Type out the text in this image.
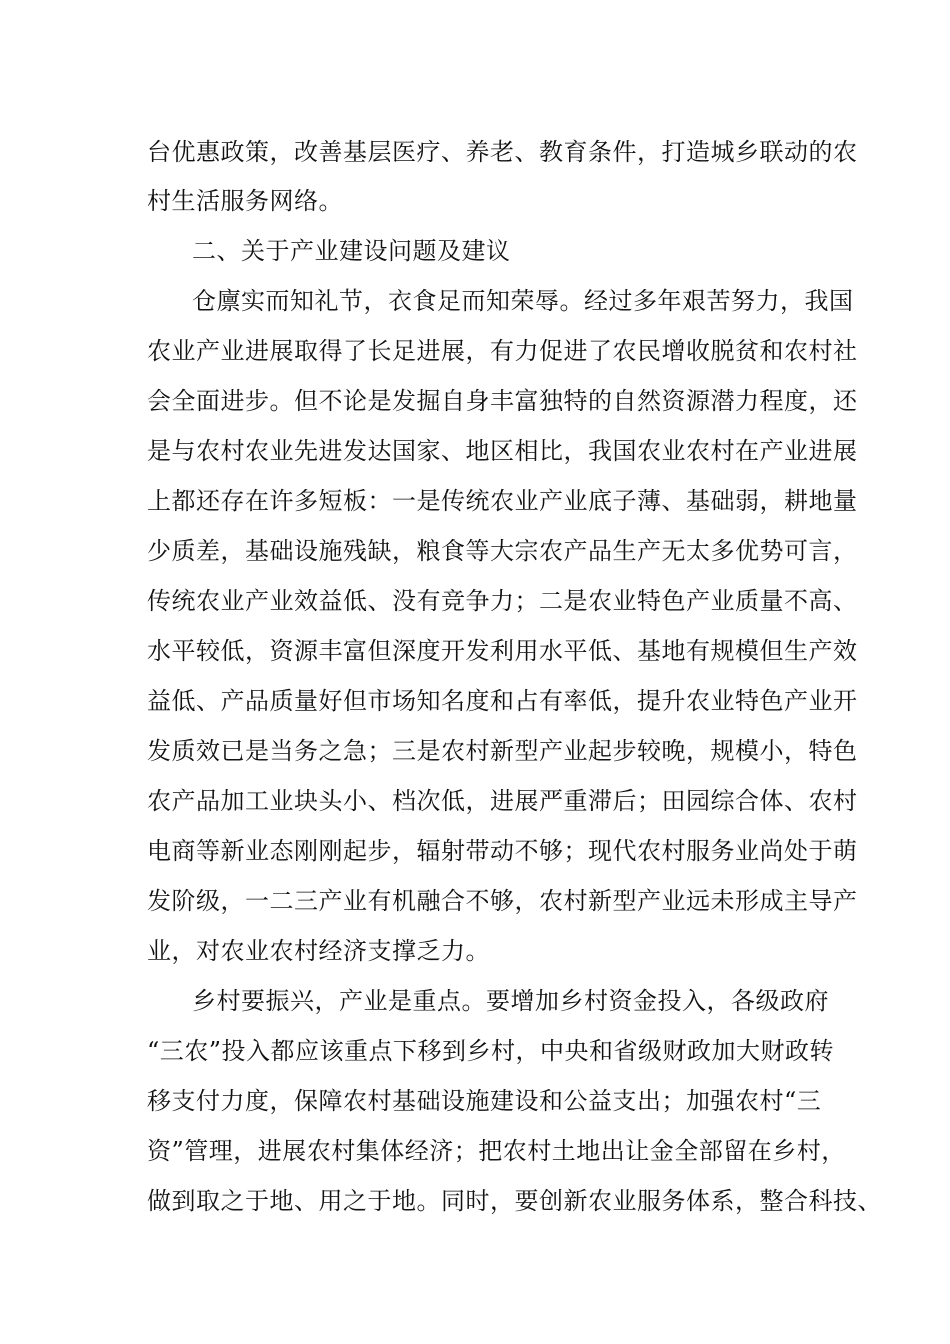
台优惠政策，改善基层医疗、养老、教育条件，打造城乡联动的农
村生活服务网络。
二、关于产业建设问题及建议
仓廪实而知礼节，衣食足而知荣辱。经过多年艰苦努力，我国
农业产业进展取得了长足进展，有力促进了农民增收脱贫和农村社
会全面进步。但不论是发掘自身丰富独特的自然资源潜力程度，还
是与农村农业先进发达国家、地区相比，我国农业农村在产业进展
上都还存在许多短板：一是传统农业产业底子薄、基础弱，耕地量
少质差，基础设施残缺，粮食等大宗农产品生产无太多优势可言，
传统农业产业效益低、没有竞争力；二是农业特色产业质量不高、
水平较低，资源丰富但深度开发利用水平低、基地有规模但生产效
益低、产品质量好但市场知名度和占有率低，提升农业特色产业开
发质效已是当务之急；三是农村新型产业起步较晚，规模小，特色
农产品加工业块头小、档次低，进展严重滞后；田园综合体、农村
电商等新业态刚刚起步，辐射带动不够；现代农村服务业尚处于萌
发阶级，一二三产业有机融合不够，农村新型产业远未形成主导产
业，对农业农村经济支撑乏力。
乡村要振兴，产业是重点。要增加乡村资金投入，各级政府
“三农”投入都应该重点下移到乡村，中央和省级财政加大财政转
移支付力度，保障农村基础设施建设和公益支出；加强农村“三
资”管理，进展农村集体经济；把农村土地出让金全部留在乡村，
做到取之于地、用之于地。同时，要创新农业服务体系，整合科技、
